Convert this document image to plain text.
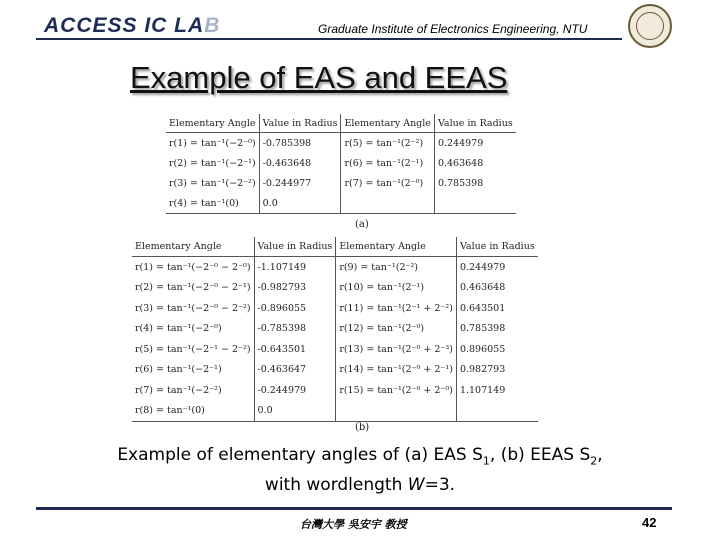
ACCESS IC LAB	Graduate Institute of Electronics Engineering, NTU
Example of EAS and EEAS
Elementary Angle	Value in Radius	Elementary Angle	Value in Radius
r(1) = tan⁻¹(−2⁻⁰)	-0.785398	r(5) = tan⁻¹(2⁻²)	0.244979
r(2) = tan⁻¹(−2⁻¹)	-0.463648	r(6) = tan⁻¹(2⁻¹)	0.463648
r(3) = tan⁻¹(−2⁻²)	-0.244977	r(7) = tan⁻¹(2⁻⁰)	0.785398
r(4) = tan⁻¹(0)	0.0		
(a)
Elementary Angle	Value in Radius	Elementary Angle	Value in Radius
r(1) = tan⁻¹(−2⁻⁰ − 2⁻⁰)	-1.107149	r(9) = tan⁻¹(2⁻²)	0.244979
r(2) = tan⁻¹(−2⁻⁰ − 2⁻¹)	-0.982793	r(10) = tan⁻¹(2⁻¹)	0.463648
r(3) = tan⁻¹(−2⁻⁰ − 2⁻²)	-0.896055	r(11) = tan⁻¹(2⁻¹ + 2⁻²)	0.643501
r(4) = tan⁻¹(−2⁻⁰)	-0.785398	r(12) = tan⁻¹(2⁻⁰)	0.785398
r(5) = tan⁻¹(−2⁻¹ − 2⁻²)	-0.643501	r(13) = tan⁻¹(2⁻⁰ + 2⁻³)	0.896055
r(6) = tan⁻¹(−2⁻¹)	-0.463647	r(14) = tan⁻¹(2⁻⁰ + 2⁻¹)	0.982793
r(7) = tan⁻¹(−2⁻²)	-0.244979	r(15) = tan⁻¹(2⁻⁰ + 2⁻⁰)	1.107149
r(8) = tan⁻¹(0)	0.0		
(b)
Example of elementary angles of (a) EAS $S_1$, (b) EEAS $S_2$,
with wordlength W=3.
台灣大學 吳安宇 教授	42
